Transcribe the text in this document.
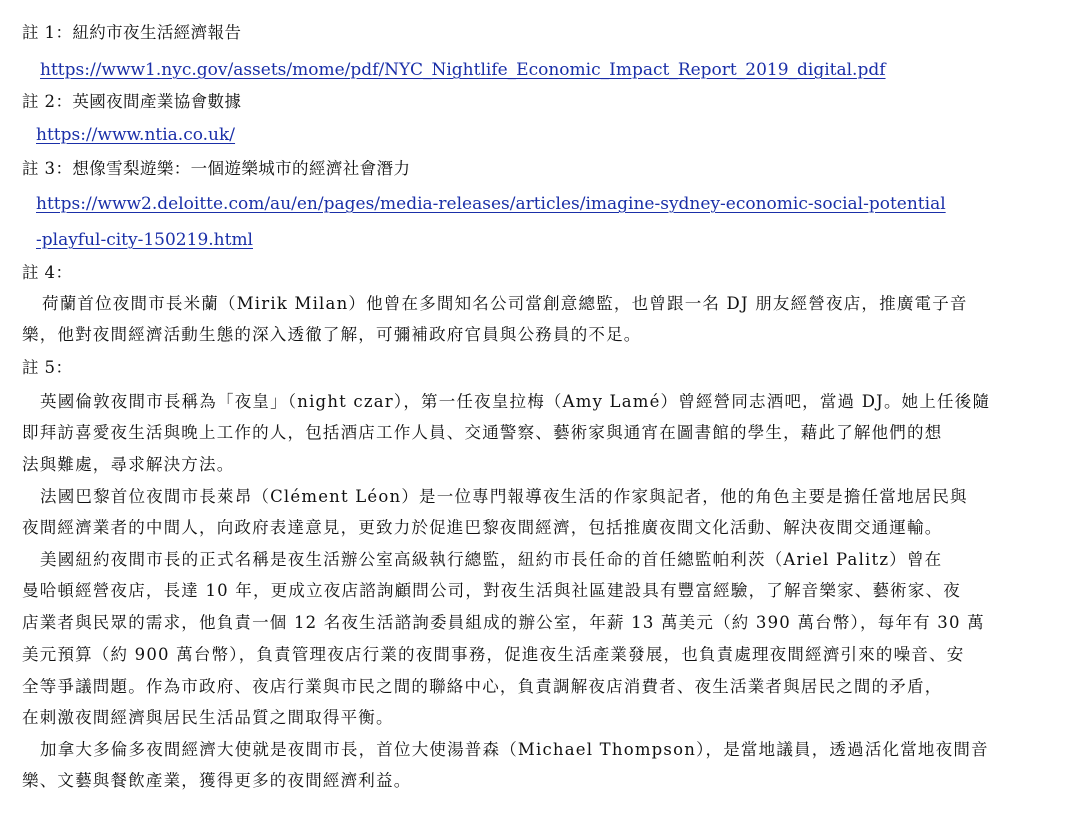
註 1：紐約市夜生活經濟報告
https://www1.nyc.gov/assets/mome/pdf/NYC_Nightlife_Economic_Impact_Report_2019_digital.pdf
註 2：英國夜間產業協會數據
https://www.ntia.co.uk/
註 3：想像雪梨遊樂：一個遊樂城市的經濟社會潛力
https://www2.deloitte.com/au/en/pages/media-releases/articles/imagine-sydney-economic-social-potential
-playful-city-150219.html
註 4：
荷蘭首位夜間市長米蘭（Mirik Milan）他曾在多間知名公司當創意總監，也曾跟一名 DJ 朋友經營夜店，推廣電子音
樂，他對夜間經濟活動生態的深入透徹了解，可彌補政府官員與公務員的不足。
註 5：
英國倫敦夜間市長稱為「夜皇」（night czar），第一任夜皇拉梅（Amy Lamé）曾經營同志酒吧，當過 DJ。她上任後隨
即拜訪喜愛夜生活與晚上工作的人，包括酒店工作人員、交通警察、藝術家與通宵在圖書館的學生，藉此了解他們的想
法與難處，尋求解決方法。
法國巴黎首位夜間市長萊昂（Clément Léon）是一位專門報導夜生活的作家與記者，他的角色主要是擔任當地居民與
夜間經濟業者的中間人，向政府表達意見，更致力於促進巴黎夜間經濟，包括推廣夜間文化活動、解決夜間交通運輸。
美國紐約夜間市長的正式名稱是夜生活辦公室高級執行總監，紐約市長任命的首任總監帕利茨（Ariel Palitz）曾在
曼哈頓經營夜店，長達 10 年，更成立夜店諮詢顧問公司，對夜生活與社區建設具有豐富經驗，了解音樂家、藝術家、夜
店業者與民眾的需求，他負責一個 12 名夜生活諮詢委員組成的辦公室，年薪 13 萬美元（約 390 萬台幣），每年有 30 萬
美元預算（約 900 萬台幣），負責管理夜店行業的夜間事務，促進夜生活產業發展，也負責處理夜間經濟引來的噪音、安
全等爭議問題。作為市政府、夜店行業與市民之間的聯絡中心，負責調解夜店消費者、夜生活業者與居民之間的矛盾，
在刺激夜間經濟與居民生活品質之間取得平衡。
加拿大多倫多夜間經濟大使就是夜間市長，首位大使湯普森（Michael Thompson），是當地議員，透過活化當地夜間音
樂、文藝與餐飲產業，獲得更多的夜間經濟利益。
